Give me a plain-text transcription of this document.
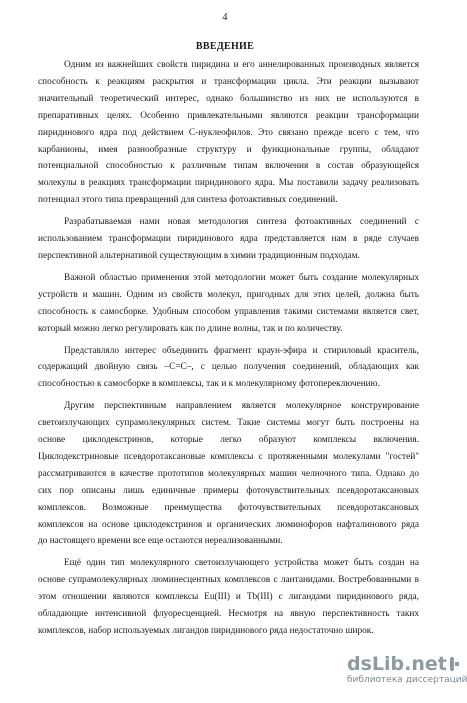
4
ВВЕДЕНИЕ

Одним из важнейших свойств пиридина и его аннелированных производных является
способность к реакциям раскрытия и трансформации цикла. Эти реакции вызывают
значительный теоретический интерес, однако большинство из них не используются в
препаративных целях. Особенно привлекательными являются реакции трансформации
пиридинового ядра под действием С-нуклеофилов. Это связано прежде всего с тем, что
карбанионы, имея разнообразные структуру и функциональные группы, обладают
потенциальной способностью к различным типам включения в состав образующейся
молекулы в реакциях трансформации пиридинового ядра. Мы поставили задачу реализовать
потенциал этого типа превращений для синтеза фотоактивных соединений.

Разрабатываемая нами новая методология синтеза фотоактивных соединений с
использованием трансформации пиридинового ядра представляется нам в ряде случаев
перспективной альтернативой существующим в химии традиционным подходам.

Важной областью применения этой методологии может быть создание молекулярных
устройств и машин. Одним из свойств молекул, пригодных для этих целей, должна быть
способность к самосборке. Удобным способом управления такими системами является свет,
который можно легко регулировать как по длине волны, так и по количеству.

Представляло интерес объединить фрагмент краун-эфира и стириловый краситель,
содержащий двойную связь –С=С–, с целью получения соединений, обладающих как
способностью к самосборке в комплексы, так и к молекулярному фотопереключению.

Другим перспективным направлением является молекулярное конструирование
светоизлучающих супрамолекулярных систем. Такие системы могут быть построены на
основе циклодекстринов, которые легко образуют комплексы включения.
Циклодекстриновые псевдоротаксановые комплексы с протяженными молекулами "гостей"
рассматриваются в качестве прототипов молекулярных машин челночного типа. Однако до
сих пор описаны лишь единичные примеры фоточувствительных псевдоротаксановых
комплексов. Возможные преимущества фоточувствительных псевдоротаксановых
комплексов на основе циклодекстринов и органических люминофоров нафталинового ряда
до настоящего времени все еще остаются нереализованными.

Ещё один тип молекулярного светоизлучающего устройства может быть создан на
основе супрамолекулярных люминесцентных комплексов с лантанидами. Востребованными в
этом отношении являются комплексы Eu(III) и Tb(III) с лигандами пиридинового ряда,
обладающие интенсивной флуоресценцией. Несмотря на явную перспективность таких
комплексов, набор используемых лигандов пиридинового ряда недостаточно широк.

dsLib.net
библиотека диссертаций
